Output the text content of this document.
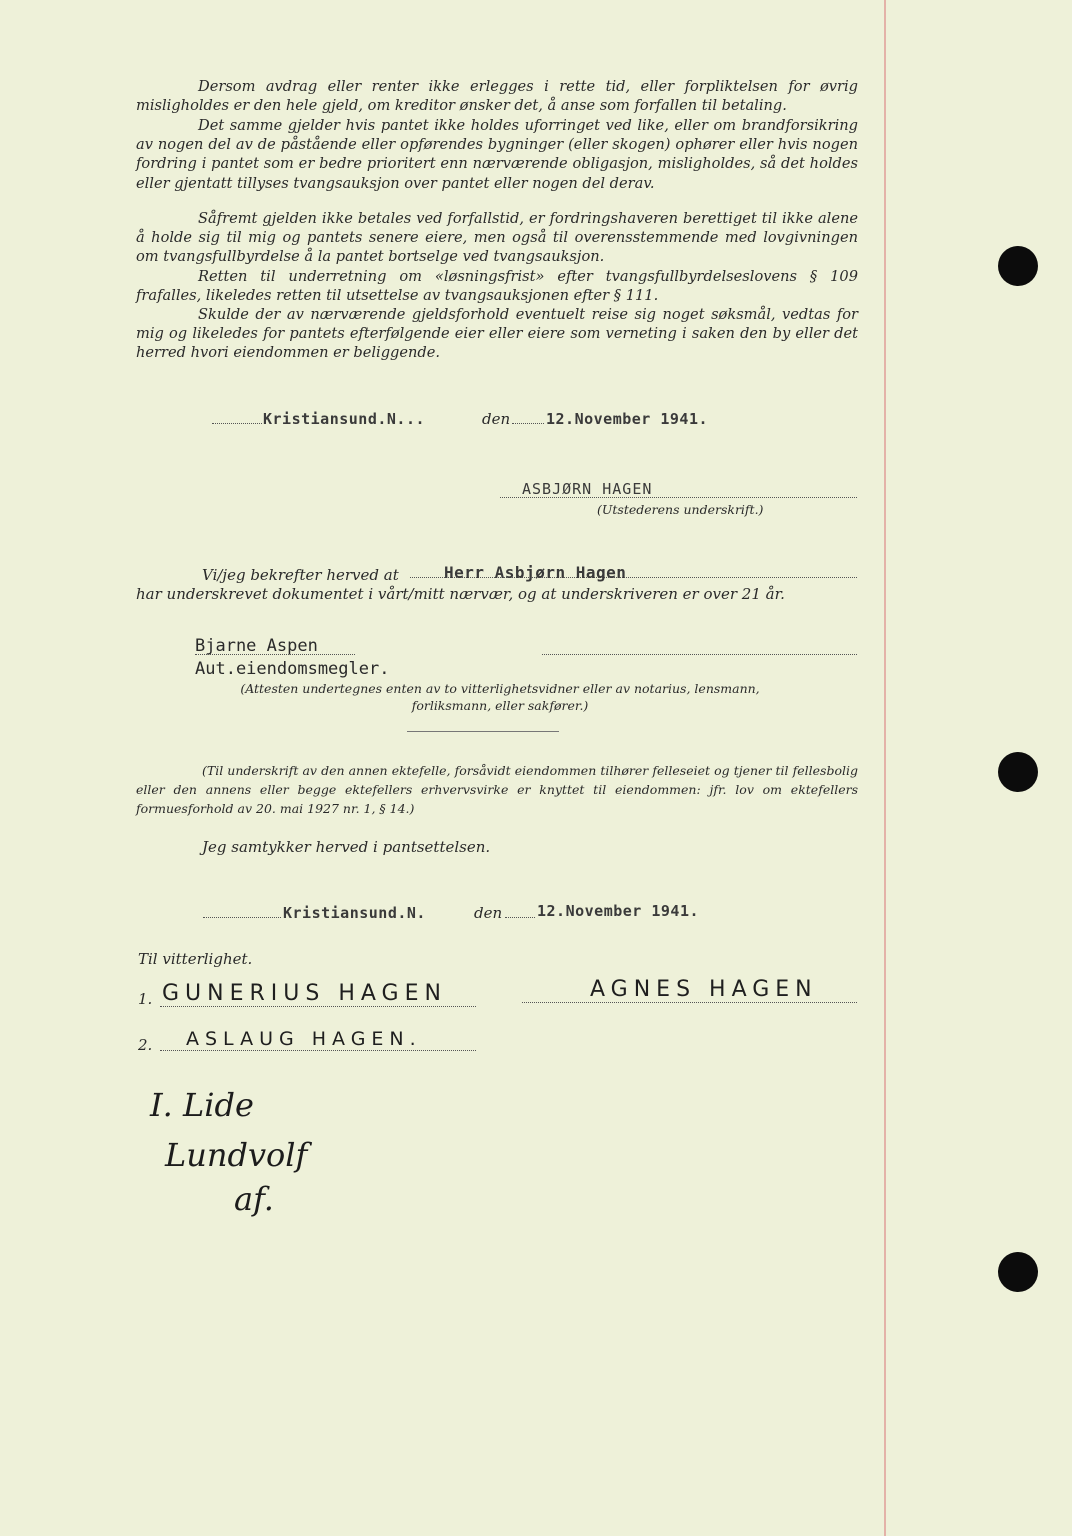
Dersom avdrag eller renter ikke erlegges i rette tid, eller forpliktelsen for øvrig misligholdes er den hele gjeld, om kreditor ønsker det, å anse som forfallen til betaling.

Det samme gjelder hvis pantet ikke holdes uforringet ved like, eller om brandforsikring av nogen del av de påstående eller opførendes bygninger (eller skogen) ophører eller hvis nogen fordring i pantet som er bedre prioritert enn nærværende obligasjon, misligholdes, så det holdes eller gjentatt tillyses tvangsauksjon over pantet eller nogen del derav.

Såfremt gjelden ikke betales ved forfallstid, er fordringshaveren berettiget til ikke alene å holde sig til mig og pantets senere eiere, men også til overensstemmende med lovgivningen om tvangsfullbyrdelse å la pantet bortselge ved tvangsauksjon.

Retten til underretning om «løsningsfrist» efter tvangsfullbyrdelseslovens § 109 frafalles, likeledes retten til utsettelse av tvangsauksjonen efter § 111.

Skulde der av nærværende gjeldsforhold eventuelt reise sig noget søksmål, vedtas for mig og likeledes for pantets efterfølgende eier eller eiere som verneting i saken den by eller det herred hvori eiendommen er beliggende.

Kristiansund.N...	den 12.November 1941.
ASBJØRN HAGEN
(Utstederens underskrift.)
Vi/jeg bekrefter herved at	Herr Asbjørn Hagen
har underskrevet dokumentet i vårt/mitt nærvær, og at underskriveren er over 21 år.
Bjarne Aspen
Aut.eiendomsmegler.

(Attesten undertegnes enten av to vitterlighetsvidner eller av notarius, lensmann, forliksmann, eller sakfører.)

(Til underskrift av den annen ektefelle, forsåvidt eiendommen tilhører felleseiet og tjener til fellesbolig eller den annens eller begge ektefellers erhvervsvirke er knyttet til eiendommen: jfr. lov om ektefellers formuesforhold av 20. mai 1927 nr. 1, § 14.)

Jeg samtykker herved i pantsettelsen.
Kristiansund.N.	den 12.November 1941.
Til vitterlighet.
1. GUNERIUS HAGEN	AGNES HAGEN
2. ASLAUG HAGEN.
I. Lide
Lundvolf
af.
